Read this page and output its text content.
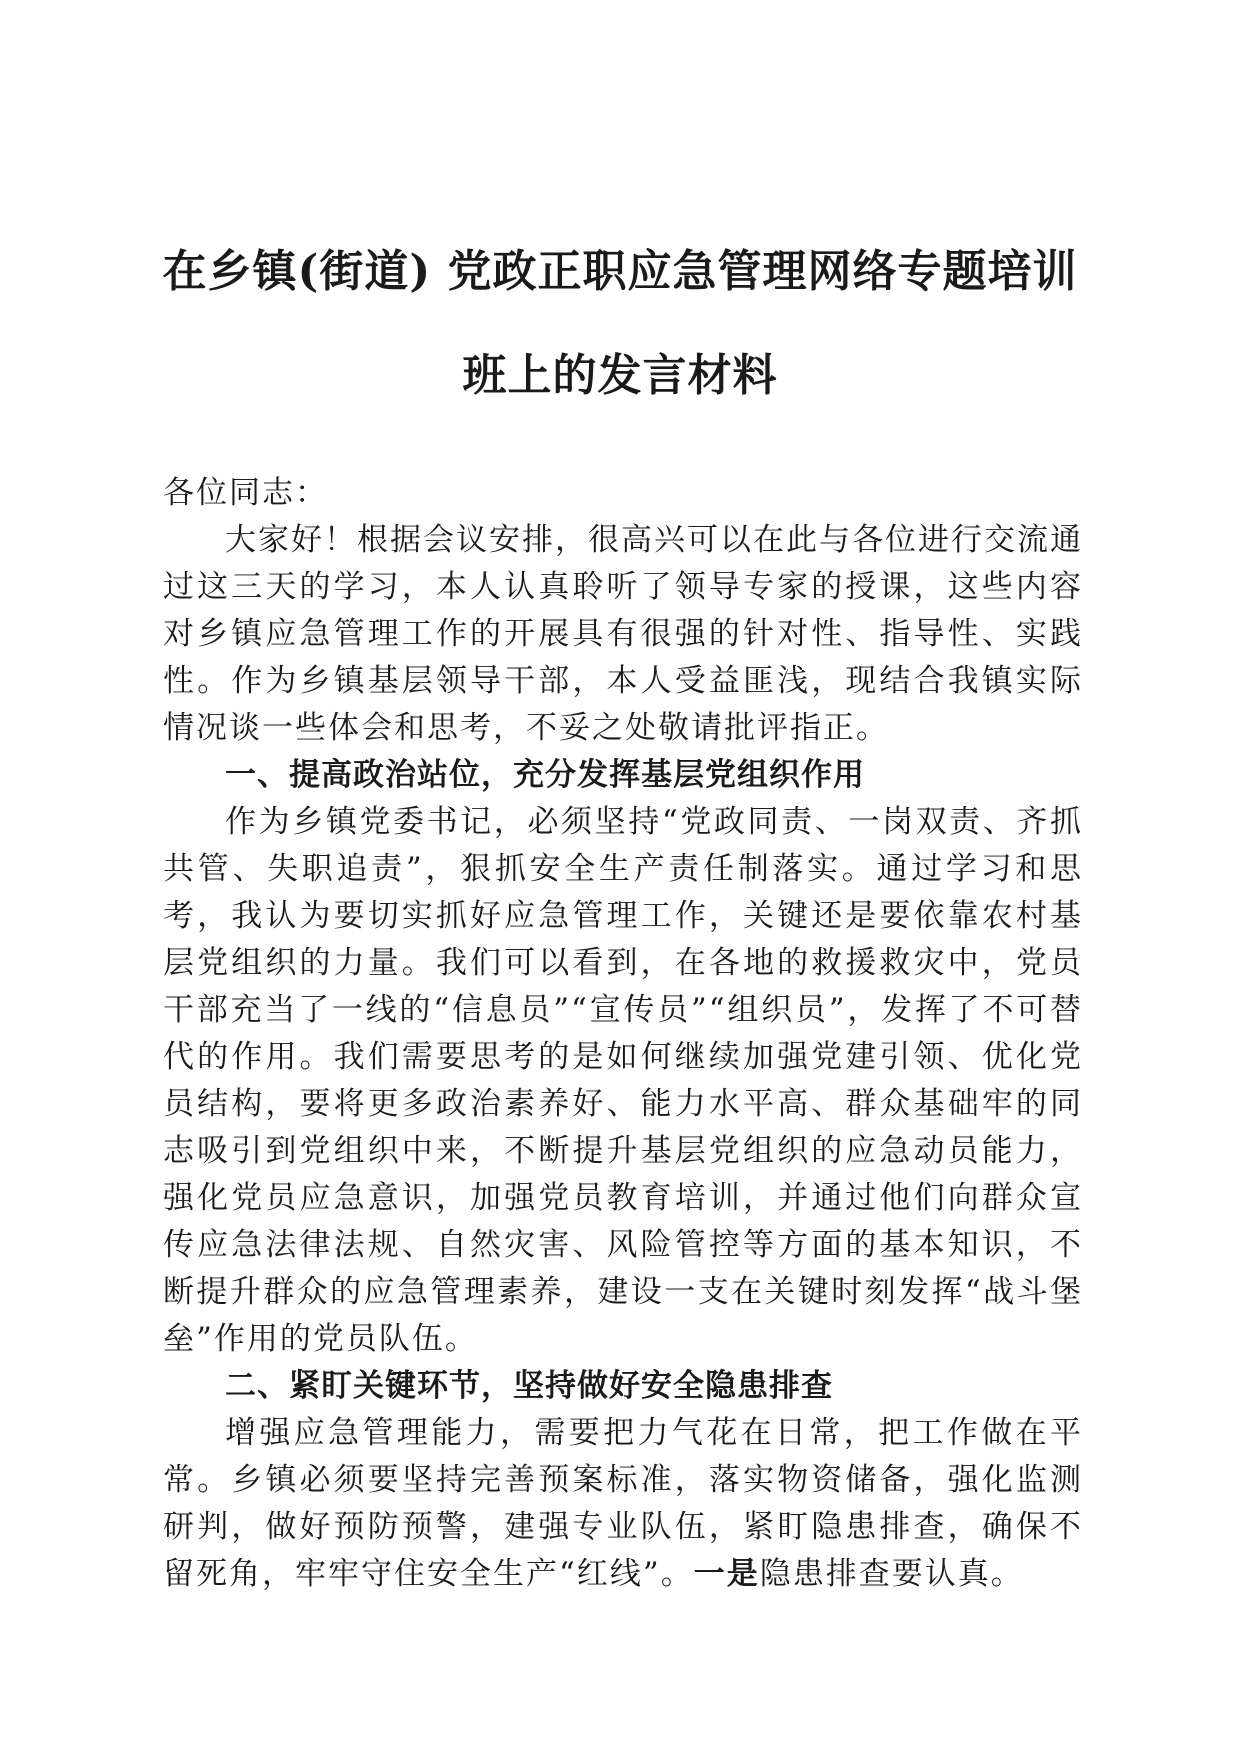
在乡镇(街道) 党政正职应急管理网络专题培训
班上的发言材料

各位同志：

大家好！根据会议安排，很高兴可以在此与各位进行交流通过这三天的学习，本人认真聆听了领导专家的授课，这些内容对乡镇应急管理工作的开展具有很强的针对性、指导性、实践性。作为乡镇基层领导干部，本人受益匪浅，现结合我镇实际情况谈一些体会和思考，不妥之处敬请批评指正。

一、提高政治站位，充分发挥基层党组织作用

作为乡镇党委书记，必须坚持“党政同责、一岗双责、齐抓共管、失职追责”，狠抓安全生产责任制落实。通过学习和思考，我认为要切实抓好应急管理工作，关键还是要依靠农村基层党组织的力量。我们可以看到，在各地的救援救灾中，党员干部充当了一线的“信息员”“宣传员”“组织员”，发挥了不可替代的作用。我们需要思考的是如何继续加强党建引领、优化党员结构，要将更多政治素养好、能力水平高、群众基础牢的同志吸引到党组织中来，不断提升基层党组织的应急动员能力，强化党员应急意识，加强党员教育培训，并通过他们向群众宣传应急法律法规、自然灾害、风险管控等方面的基本知识，不断提升群众的应急管理素养，建设一支在关键时刻发挥“战斗堡垒”作用的党员队伍。

二、紧盯关键环节，坚持做好安全隐患排查

增强应急管理能力，需要把力气花在日常，把工作做在平常。乡镇必须要坚持完善预案标准，落实物资储备，强化监测研判，做好预防预警，建强专业队伍，紧盯隐患排查，确保不留死角，牢牢守住安全生产“红线”。一是隐患排查要认真。
